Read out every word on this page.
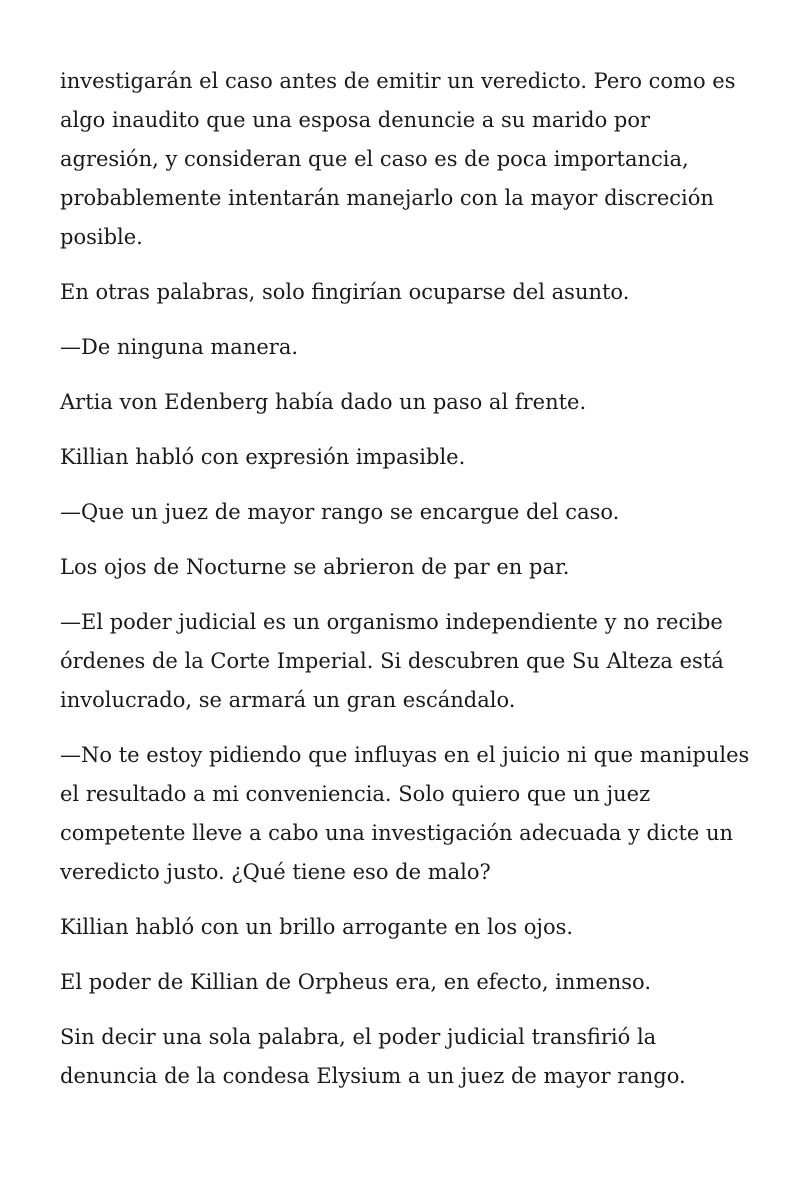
investigarán el caso antes de emitir un veredicto. Pero como es algo inaudito que una esposa denuncie a su marido por agresión, y consideran que el caso es de poca importancia, probablemente intentarán manejarlo con la mayor discreción posible.

En otras palabras, solo fingirían ocuparse del asunto.

—De ninguna manera.

Artia von Edenberg había dado un paso al frente.

Killian habló con expresión impasible.

—Que un juez de mayor rango se encargue del caso.

Los ojos de Nocturne se abrieron de par en par.

—El poder judicial es un organismo independiente y no recibe órdenes de la Corte Imperial. Si descubren que Su Alteza está involucrado, se armará un gran escándalo.

—No te estoy pidiendo que influyas en el juicio ni que manipules el resultado a mi conveniencia. Solo quiero que un juez competente lleve a cabo una investigación adecuada y dicte un veredicto justo. ¿Qué tiene eso de malo?

Killian habló con un brillo arrogante en los ojos.

El poder de Killian de Orpheus era, en efecto, inmenso.

Sin decir una sola palabra, el poder judicial transfirió la denuncia de la condesa Elysium a un juez de mayor rango.
